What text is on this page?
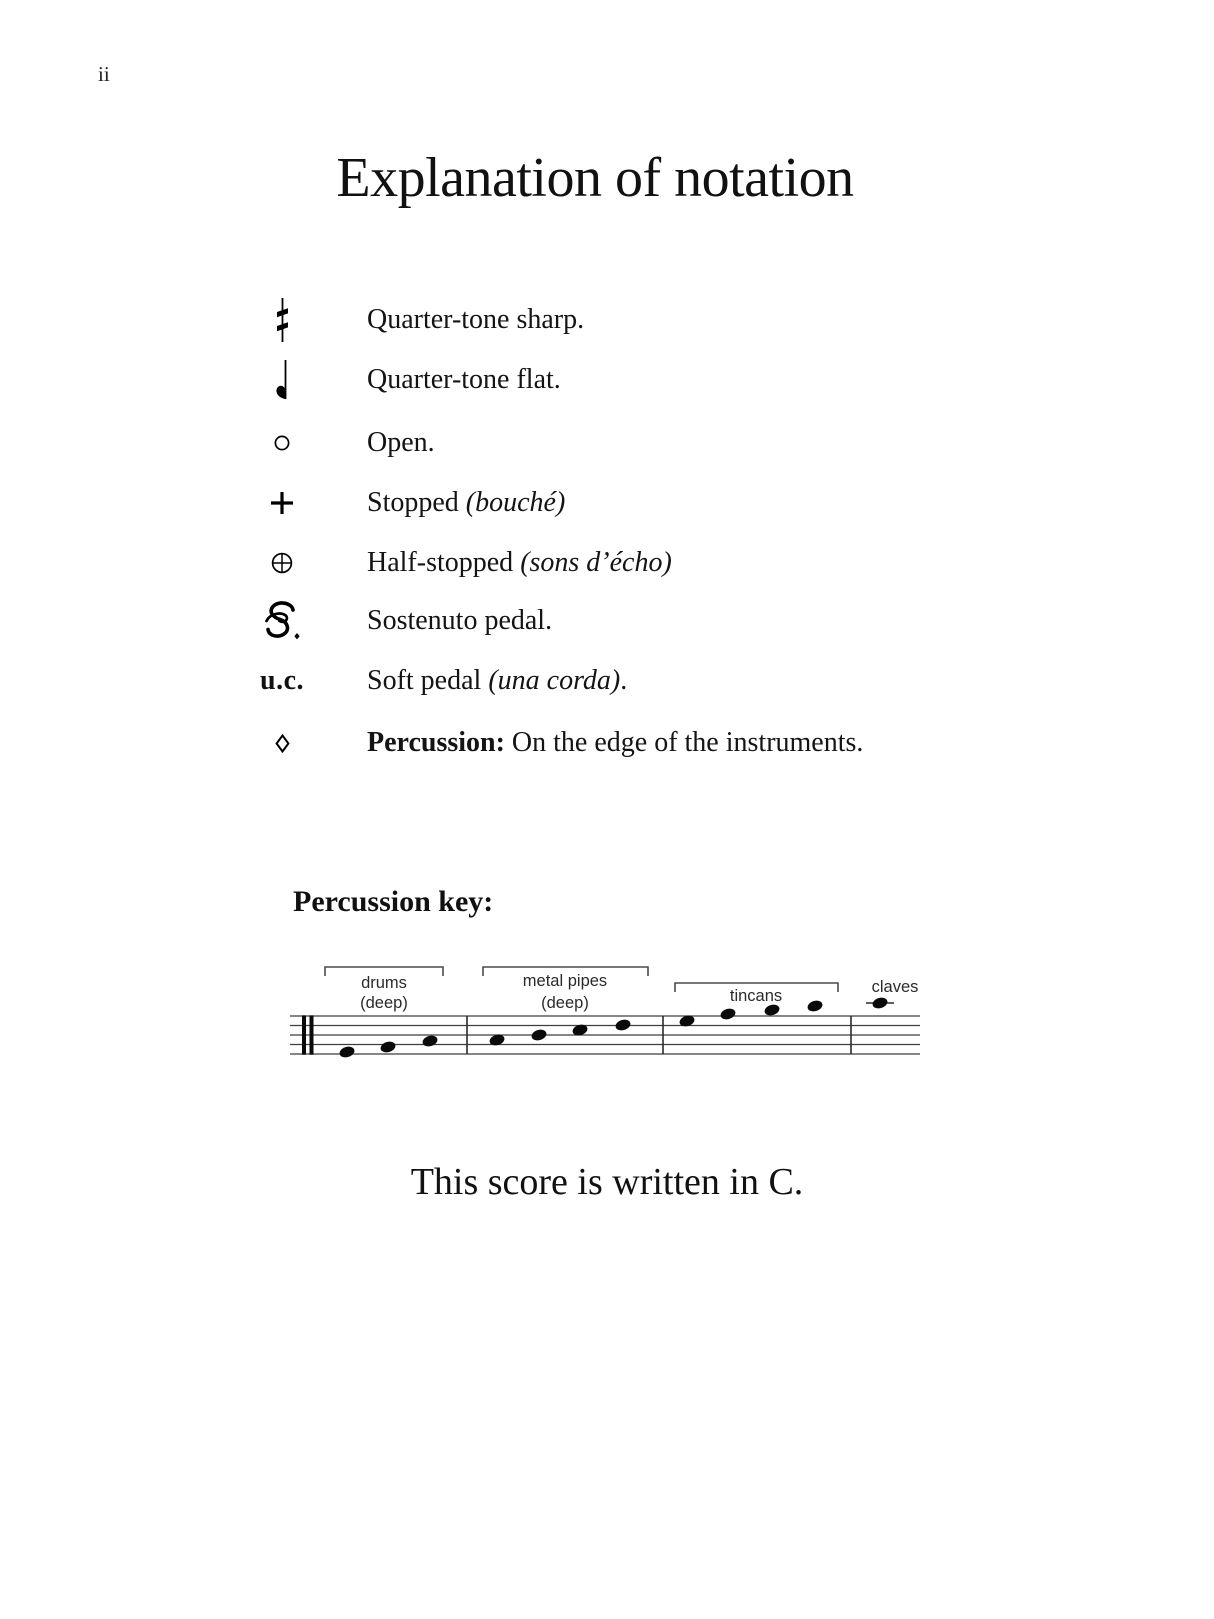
ii
Explanation of notation
Quarter-tone sharp.
Quarter-tone flat.
Open.
Stopped (bouché)
Half-stopped (sons d’écho)
Sostenuto pedal.
u.c. Soft pedal (una corda).
Percussion: On the edge of the instruments.
Percussion key:
drums
(deep)
metal pipes
(deep)	tincans	claves
This score is written in C.
